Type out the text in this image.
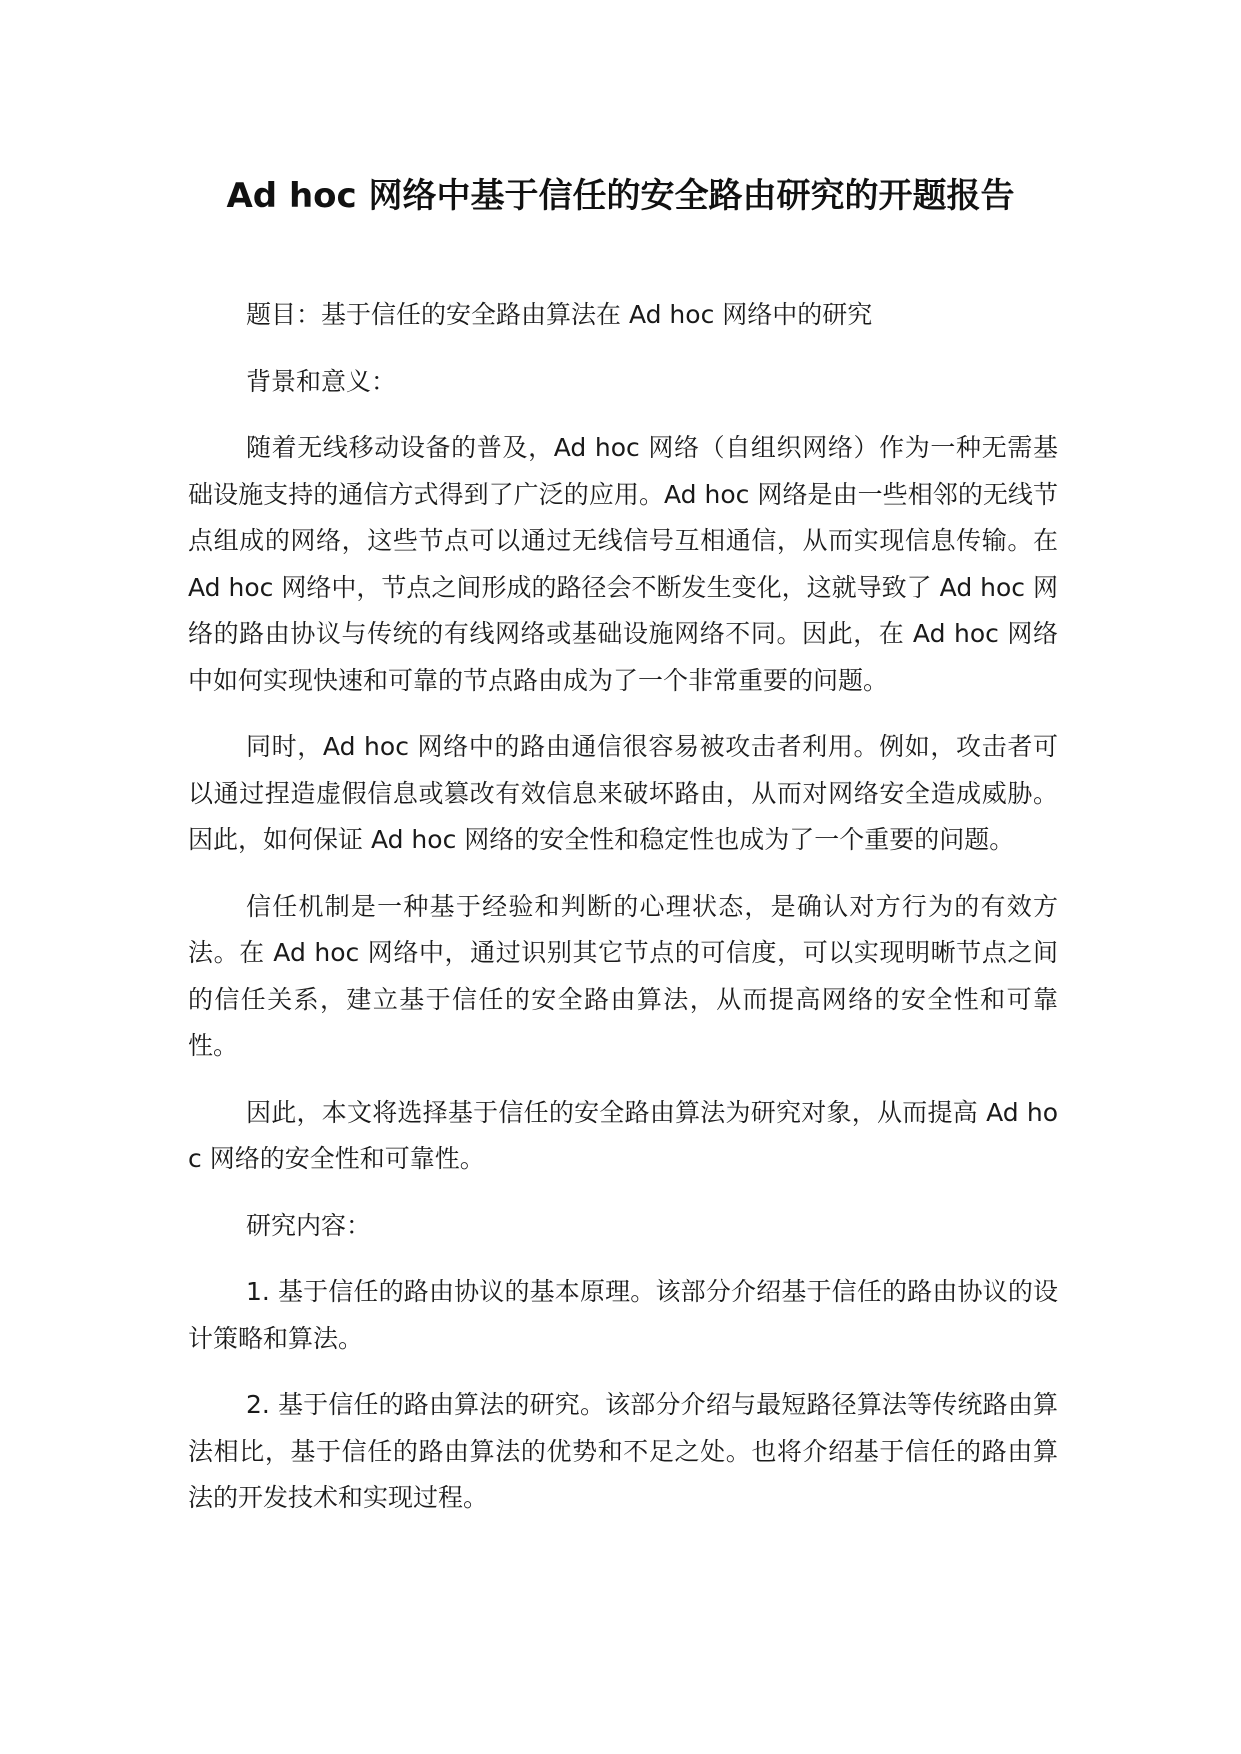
Ad hoc 网络中基于信任的安全路由研究的开题报告

题目：基于信任的安全路由算法在 Ad hoc 网络中的研究

背景和意义：

随着无线移动设备的普及，Ad hoc 网络（自组织网络）作为一种无需基础设施支持的通信方式得到了广泛的应用。Ad hoc 网络是由一些相邻的无线节点组成的网络，这些节点可以通过无线信号互相通信，从而实现信息传输。在 Ad hoc 网络中，节点之间形成的路径会不断发生变化，这就导致了 Ad hoc 网络的路由协议与传统的有线网络或基础设施网络不同。因此，在 Ad hoc 网络中如何实现快速和可靠的节点路由成为了一个非常重要的问题。

同时，Ad hoc 网络中的路由通信很容易被攻击者利用。例如，攻击者可以通过捏造虚假信息或篡改有效信息来破坏路由，从而对网络安全造成威胁。因此，如何保证 Ad hoc 网络的安全性和稳定性也成为了一个重要的问题。

信任机制是一种基于经验和判断的心理状态，是确认对方行为的有效方法。在 Ad hoc 网络中，通过识别其它节点的可信度，可以实现明晰节点之间的信任关系，建立基于信任的安全路由算法，从而提高网络的安全性和可靠性。

因此，本文将选择基于信任的安全路由算法为研究对象，从而提高 Ad hoc 网络的安全性和可靠性。

研究内容：

1. 基于信任的路由协议的基本原理。该部分介绍基于信任的路由协议的设计策略和算法。

2. 基于信任的路由算法的研究。该部分介绍与最短路径算法等传统路由算法相比，基于信任的路由算法的优势和不足之处。也将介绍基于信任的路由算法的开发技术和实现过程。
